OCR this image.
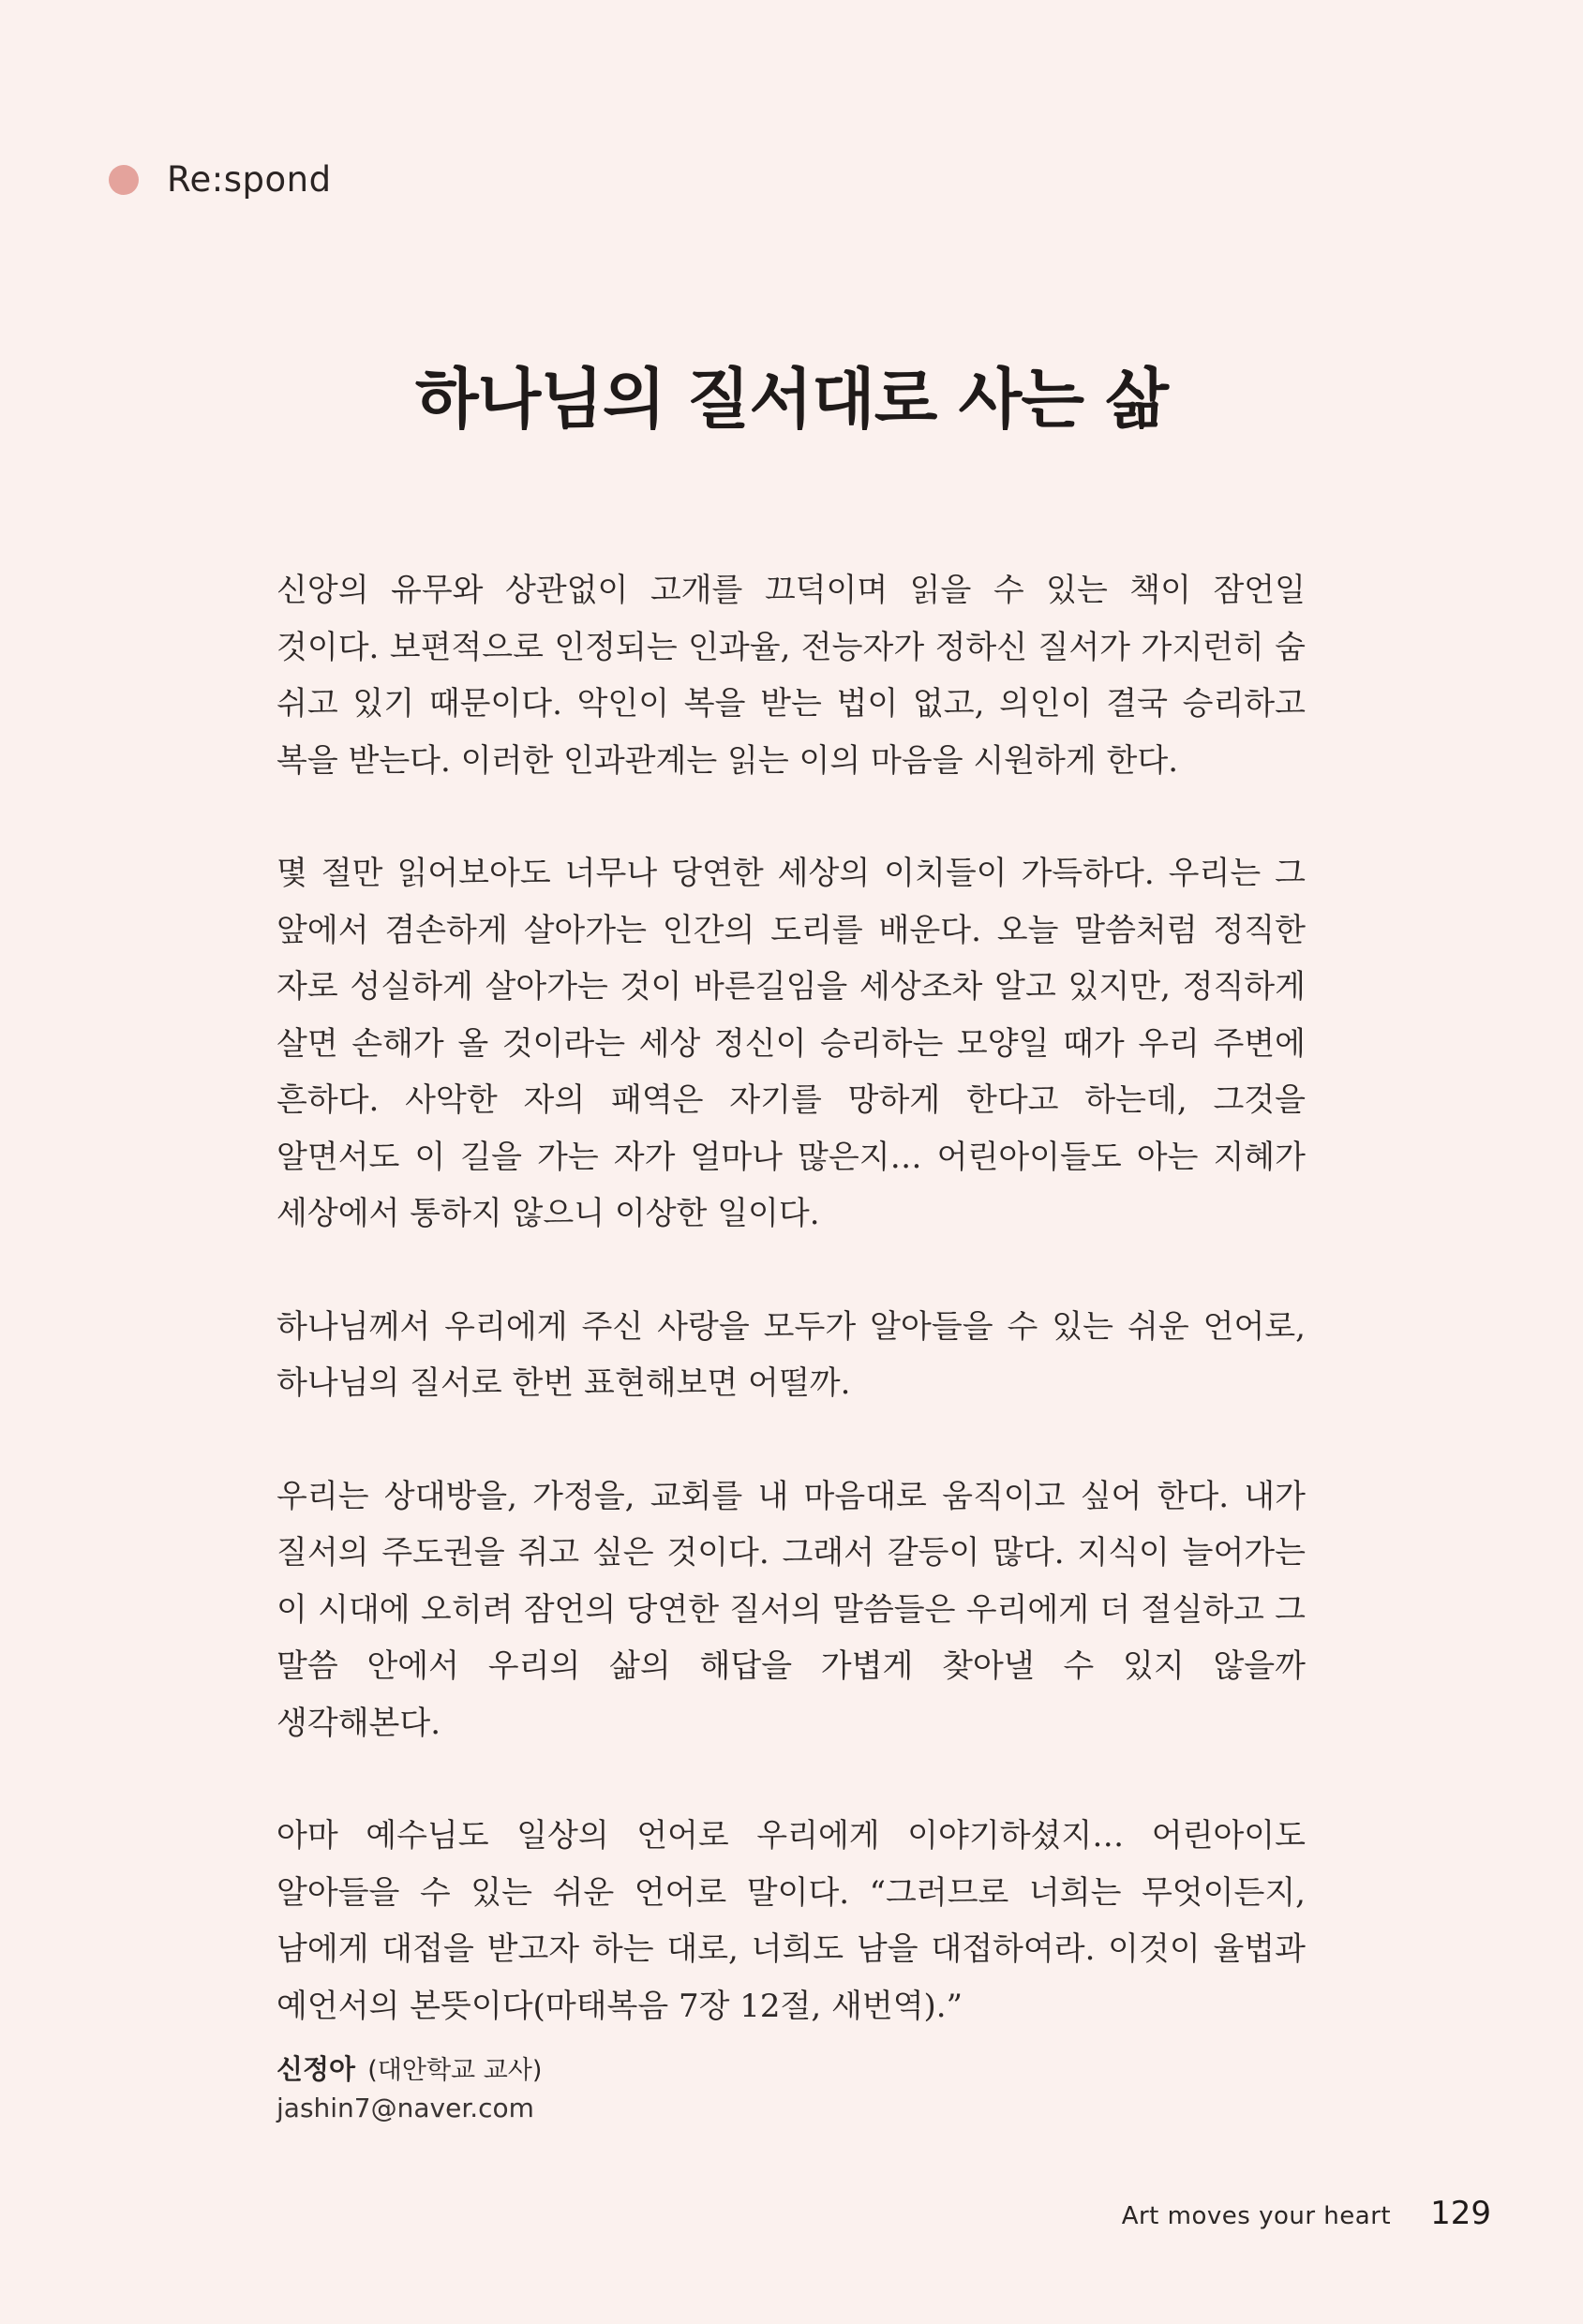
Re:spond
하나님의 질서대로 사는 삶

신앙의 유무와 상관없이 고개를 끄덕이며 읽을 수 있는 책이 잠언일 것이다. 보편적으로 인정되는 인과율, 전능자가 정하신 질서가 가지런히 숨 쉬고 있기 때문이다. 악인이 복을 받는 법이 없고, 의인이 결국 승리하고 복을 받는다. 이러한 인과관계는 읽는 이의 마음을 시원하게 한다.

몇 절만 읽어보아도 너무나 당연한 세상의 이치들이 가득하다. 우리는 그 앞에서 겸손하게 살아가는 인간의 도리를 배운다. 오늘 말씀처럼 정직한 자로 성실하게 살아가는 것이 바른길임을 세상조차 알고 있지만, 정직하게 살면 손해가 올 것이라는 세상 정신이 승리하는 모양일 때가 우리 주변에 흔하다. 사악한 자의 패역은 자기를 망하게 한다고 하는데, 그것을 알면서도 이 길을 가는 자가 얼마나 많은지… 어린아이들도 아는 지혜가 세상에서 통하지 않으니 이상한 일이다.

하나님께서 우리에게 주신 사랑을 모두가 알아들을 수 있는 쉬운 언어로, 하나님의 질서로 한번 표현해보면 어떨까.

우리는 상대방을, 가정을, 교회를 내 마음대로 움직이고 싶어 한다. 내가 질서의 주도권을 쥐고 싶은 것이다. 그래서 갈등이 많다. 지식이 늘어가는 이 시대에 오히려 잠언의 당연한 질서의 말씀들은 우리에게 더 절실하고 그 말씀 안에서 우리의 삶의 해답을 가볍게 찾아낼 수 있지 않을까 생각해본다.

아마 예수님도 일상의 언어로 우리에게 이야기하셨지… 어린아이도 알아들을 수 있는 쉬운 언어로 말이다. “그러므로 너희는 무엇이든지, 남에게 대접을 받고자 하는 대로, 너희도 남을 대접하여라. 이것이 율법과 예언서의 본뜻이다(마태복음 7장 12절, 새번역).”

신정아 (대안학교 교사)
jashin7@naver.com
Art moves your heart 129
